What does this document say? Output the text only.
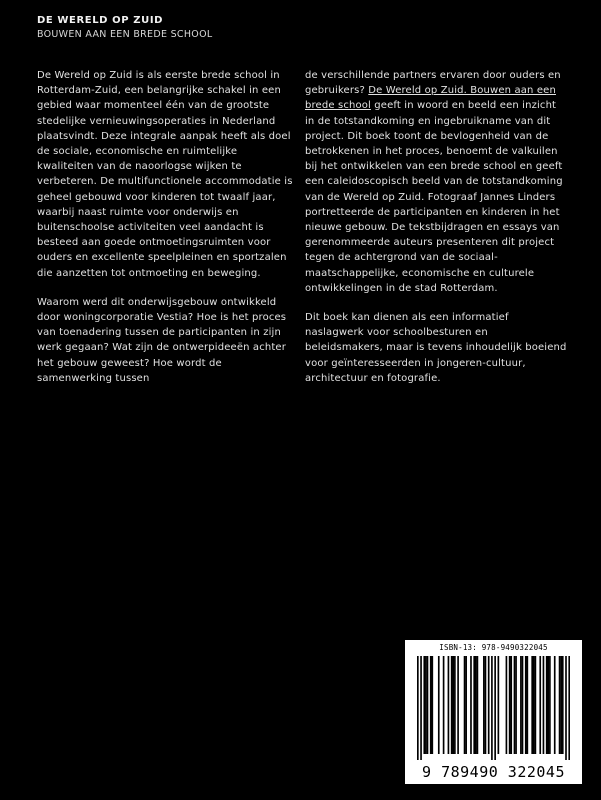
DE WERELD OP ZUID
BOUWEN AAN EEN BREDE SCHOOL

De Wereld op Zuid is als eerste brede school in Rotterdam-Zuid, een belangrijke schakel in een gebied waar momenteel één van de grootste stedelijke vernieuwingsoperaties in Nederland plaatsvindt. Deze integrale aanpak heeft als doel de sociale, economische en ruimtelijke kwaliteiten van de naoorlogse wijken te verbeteren. De multifunctionele accommodatie is geheel gebouwd voor kinderen tot twaalf jaar, waarbij naast ruimte voor onderwijs en buitenschoolse activiteiten veel aandacht is besteed aan goede ontmoetingsruimten voor ouders en excellente speelpleinen en sportzalen die aanzetten tot ontmoeting en beweging.

Waarom werd dit onderwijsgebouw ontwikkeld door woningcorporatie Vestia? Hoe is het proces van toenadering tussen de participanten in zijn werk gegaan? Wat zijn de ontwerpideeën achter het gebouw geweest? Hoe wordt de samenwerking tussen

de verschillende partners ervaren door ouders en gebruikers? De Wereld op Zuid. Bouwen aan een brede school geeft in woord en beeld een inzicht in de totstandkoming en ingebruikname van dit project. Dit boek toont de bevlogenheid van de betrokkenen in het proces, benoemt de valkuilen bij het ontwikkelen van een brede school en geeft een caleidoscopisch beeld van de totstandkoming van de Wereld op Zuid. Fotograaf Jannes Linders portretteerde de participanten en kinderen in het nieuwe gebouw. De tekstbijdragen en essays van gerenommeerde auteurs presenteren dit project tegen de achtergrond van de sociaal-maatschappelijke, economische en culturele ontwikkelingen in de stad Rotterdam.

Dit boek kan dienen als een informatief naslagwerk voor schoolbesturen en beleidsmakers, maar is tevens inhoudelijk boeiend voor geïnteresseerden in jongeren-cultuur, architectuur en fotografie.

ISBN-13: 978-9490322045
9 789490 322045
